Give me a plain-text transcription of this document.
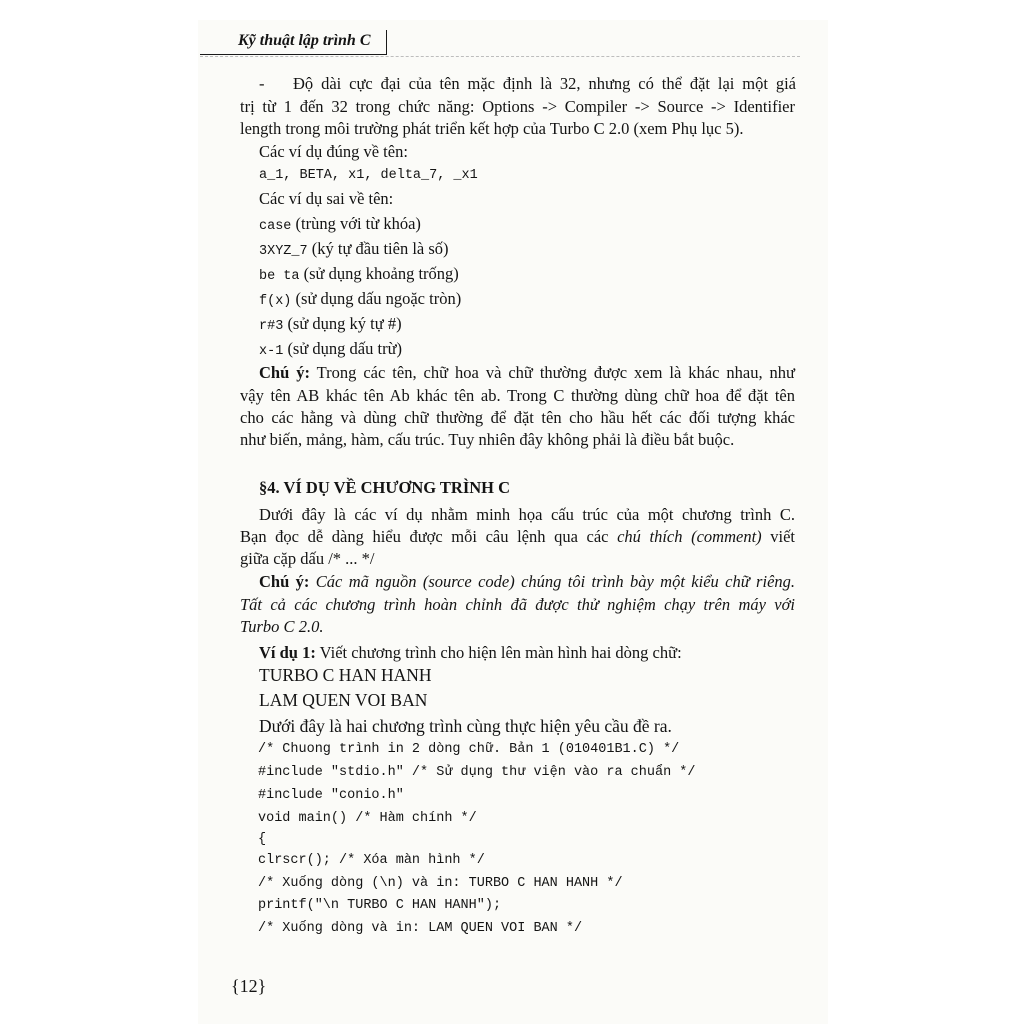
Kỹ thuật lập trình C
- Độ dài cực đại của tên mặc định là 32, nhưng có thể đặt lại một giá
trị từ 1 đến 32 trong chức năng: Options -> Compiler -> Source -> Identifier
length trong môi trường phát triển kết hợp của Turbo C 2.0 (xem Phụ lục 5).
Các ví dụ đúng về tên:
a_1, BETA, x1, delta_7, _x1
Các ví dụ sai về tên:
case (trùng với từ khóa)
3XYZ_7 (ký tự đầu tiên là số)
be ta (sử dụng khoảng trống)
f(x) (sử dụng dấu ngoặc tròn)
r#3 (sử dụng ký tự #)
x-1 (sử dụng dấu trừ)
Chú ý: Trong các tên, chữ hoa và chữ thường được xem là khác nhau, như
vậy tên AB khác tên Ab khác tên ab. Trong C thường dùng chữ hoa để đặt tên
cho các hằng và dùng chữ thường để đặt tên cho hầu hết các đối tượng khác
như biến, mảng, hàm, cấu trúc. Tuy nhiên đây không phải là điều bắt buộc.
§4. VÍ DỤ VỀ CHƯƠNG TRÌNH C
Dưới đây là các ví dụ nhằm minh họa cấu trúc của một chương trình C.
Bạn đọc dễ dàng hiểu được mỗi câu lệnh qua các chú thích (comment) viết
giữa cặp dấu /* ... */
Chú ý: Các mã nguồn (source code) chúng tôi trình bày một kiểu chữ riêng.
Tất cả các chương trình hoàn chỉnh đã được thử nghiệm chạy trên máy với
Turbo C 2.0.
Ví dụ 1: Viết chương trình cho hiện lên màn hình hai dòng chữ:
TURBO C HAN HANH
LAM QUEN VOI BAN
Dưới đây là hai chương trình cùng thực hiện yêu cầu đề ra.
/* Chuong trình in 2 dòng chữ. Bản 1 (010401B1.C) */
#include "stdio.h" /* Sử dụng thư viện vào ra chuẩn */
#include "conio.h"
void main() /* Hàm chính */
{
clrscr(); /* Xóa màn hình */
/* Xuống dòng (\n) và in: TURBO C HAN HANH */
printf("\n TURBO C HAN HANH");
/* Xuống dòng và in: LAM QUEN VOI BAN */
{12}
